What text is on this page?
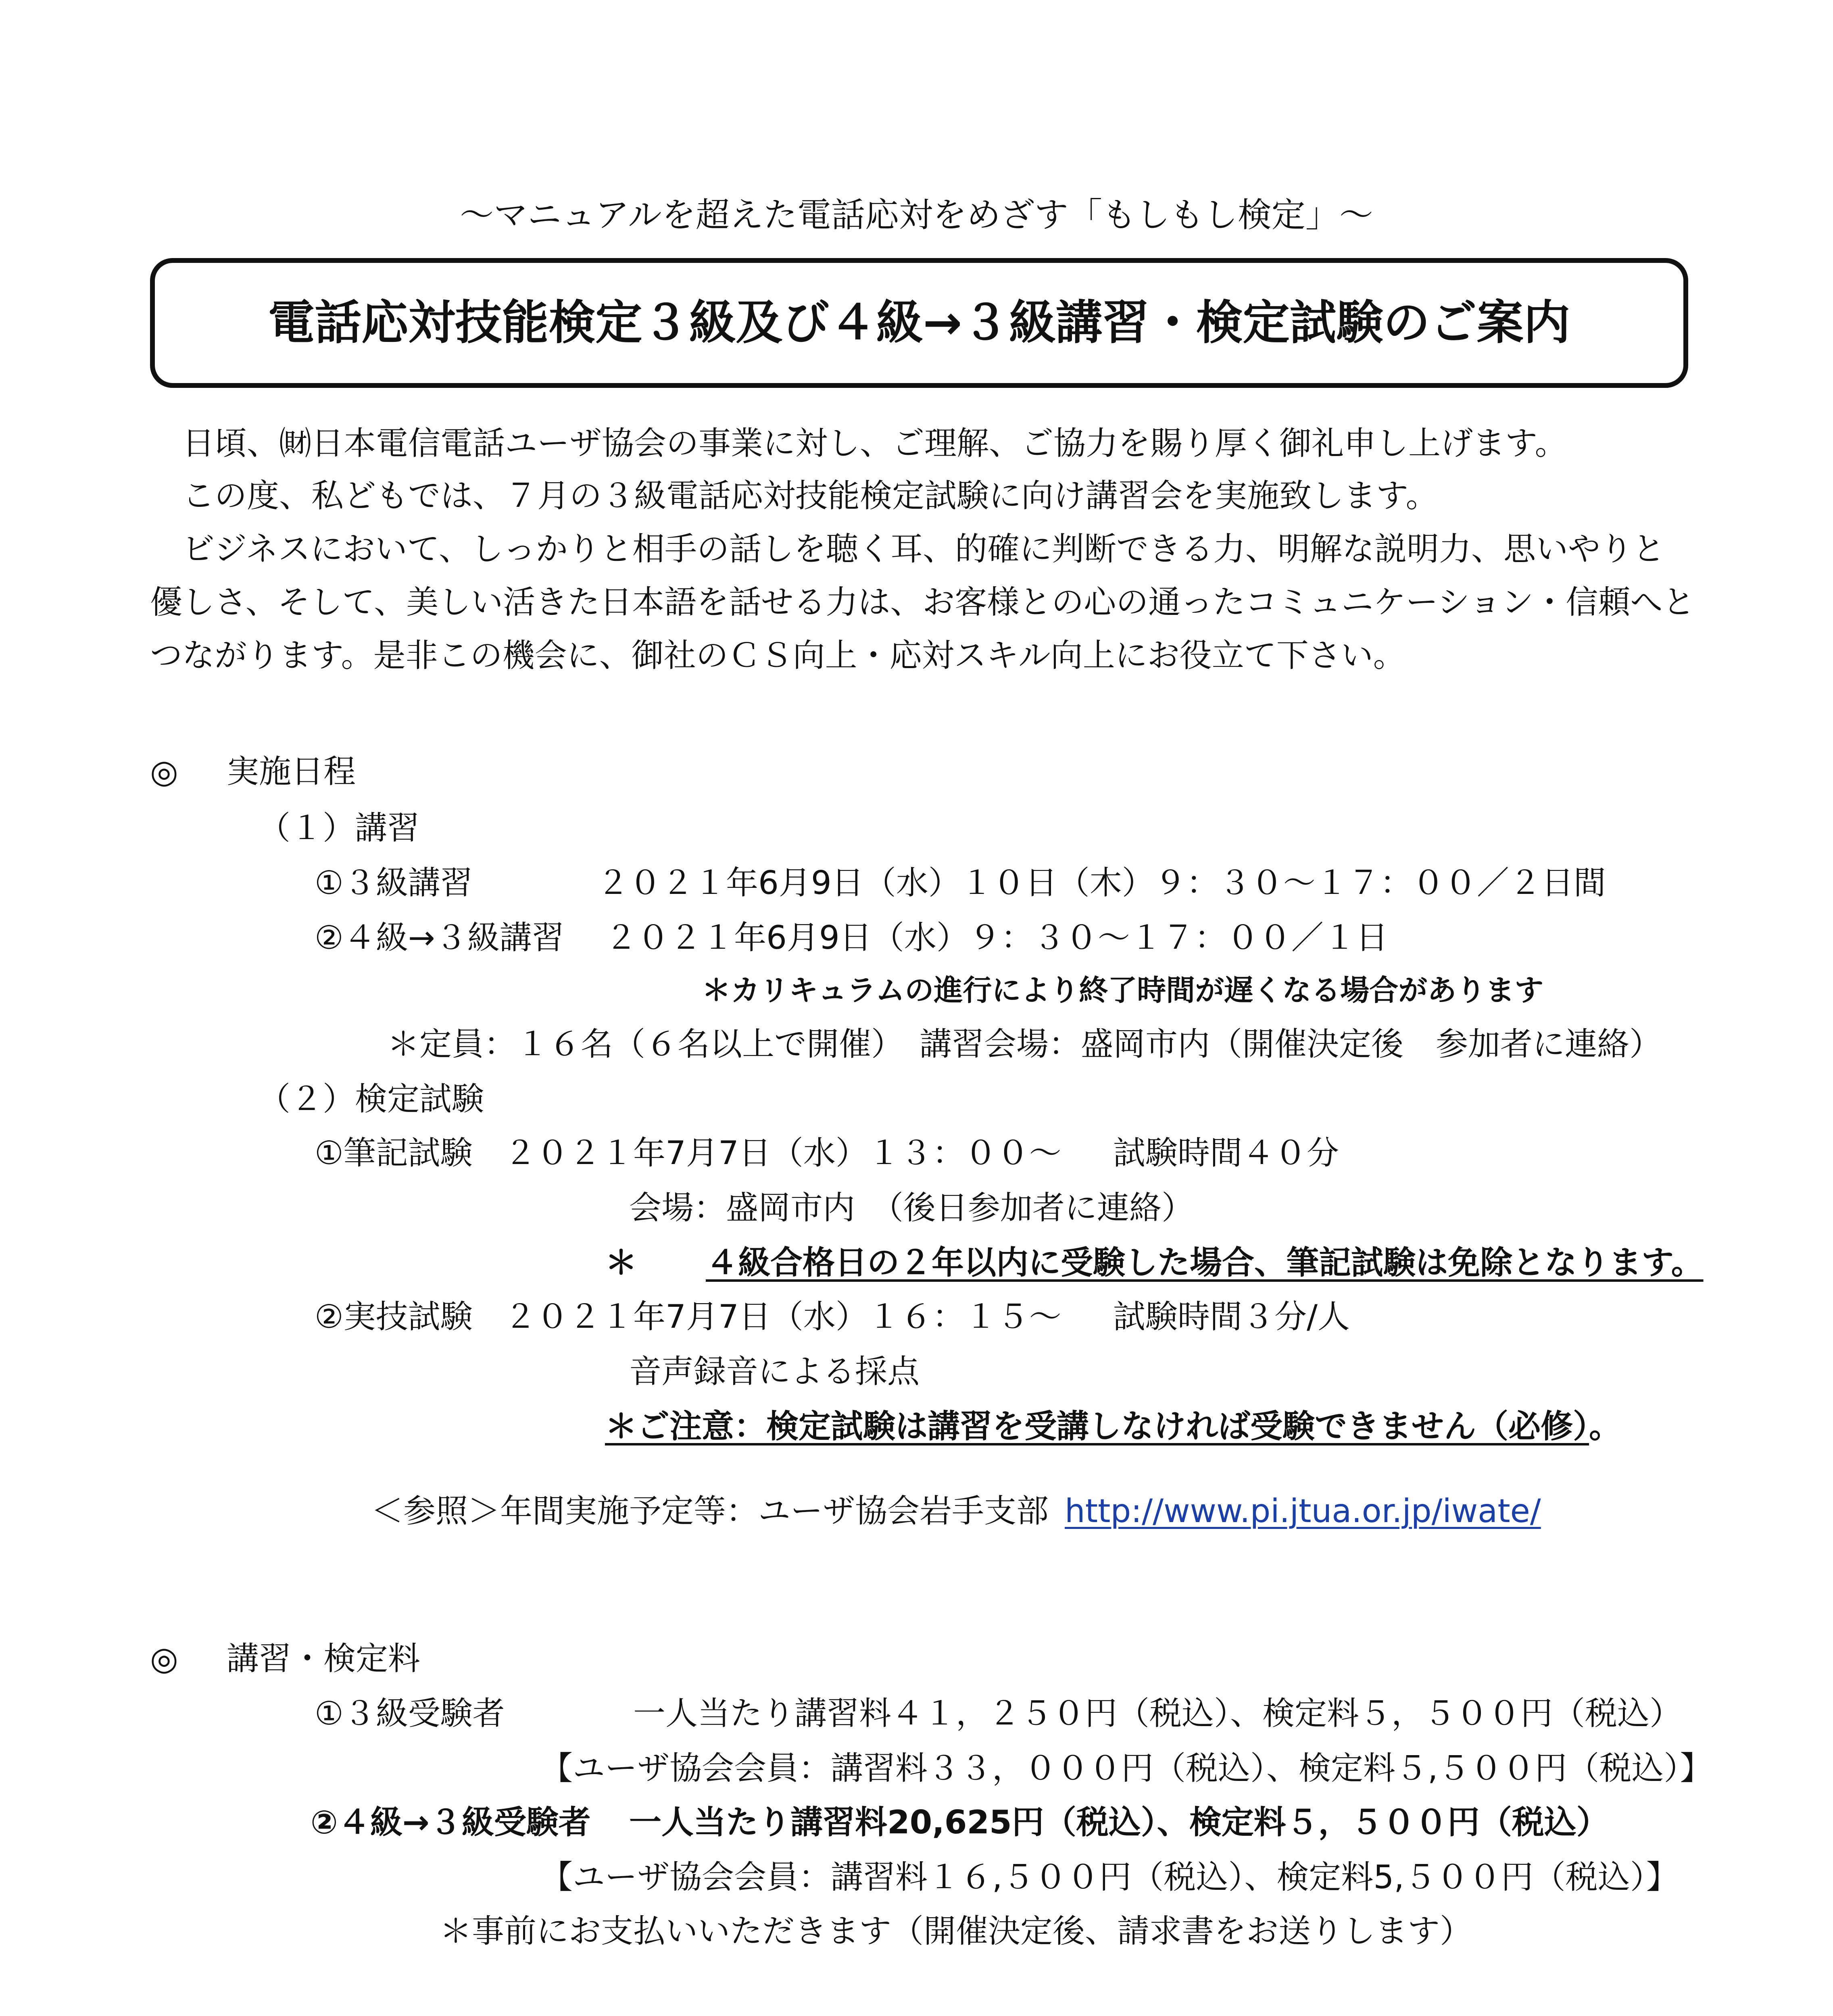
～マニュアルを超えた電話応対をめざす「もしもし検定」～
電話応対技能検定３級及び４級→３級講習・検定試験のご案内
日頃、㈶日本電信電話ユーザ協会の事業に対し、ご理解、ご協力を賜り厚く御礼申し上げます。
この度、私どもでは、７月の３級電話応対技能検定試験に向け講習会を実施致します。
ビジネスにおいて、しっかりと相手の話しを聴く耳、的確に判断できる力、明解な説明力、思いやりと
優しさ、そして、美しい活きた日本語を話せる力は、お客様との心の通ったコミュニケーション・信頼へと
つながります。是非この機会に、御社のＣＳ向上・応対スキル向上にお役立て下さい。
◎ 実施日程
（１）講習
①３級講習	２０２１年6月9日（水）１０日（木）９：３０～１７：００／２日間
②４級→３級講習 ２０２１年6月9日（水）９：３０～１７：００／１日
＊カリキュラムの進行により終了時間が遅くなる場合があります
＊定員：１６名（６名以上で開催）　講習会場：盛岡市内（開催決定後　参加者に連絡）
（２）検定試験
①筆記試験 ２０２１年7月7日（水）１３：００～ 試験時間４０分
会場：盛岡市内　（後日参加者に連絡）
＊ ４級合格日の２年以内に受験した場合、筆記試験は免除となります。
②実技試験 ２０２１年7月7日（水）１６：１５～ 試験時間３分/人
音声録音による採点
＊ご注意：検定試験は講習を受講しなければ受験できません（必修）。
＜参照＞年間実施予定等：ユーザ協会岩手支部 http://www.pi.jtua.or.jp/iwate/
◎ 講習・検定料
①３級受験者	一人当たり講習料４１，２５０円（税込）、検定料５，５００円（税込）
【ユーザ協会会員：講習料３３，０００円（税込）、検定料５,５００円（税込）】
②４級→３級受験者 一人当たり講習料20,625円（税込）、検定料５，５００円（税込）
【ユーザ協会会員：講習料１６,５００円（税込）、検定料5,５００円（税込）】
＊事前にお支払いいただきます（開催決定後、請求書をお送りします）
